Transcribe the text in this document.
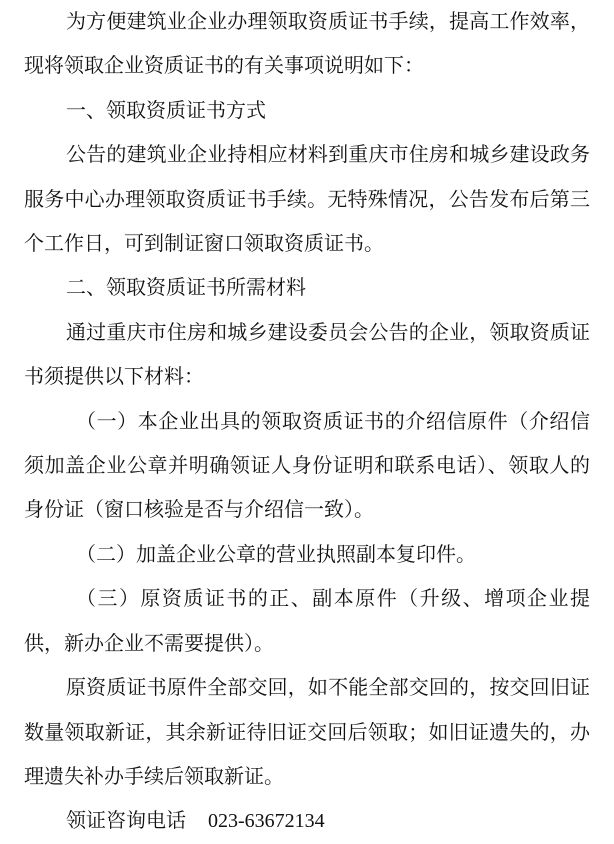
为方便建筑业企业办理领取资质证书手续，提高工作效率，现将领取企业资质证书的有关事项说明如下：

一、领取资质证书方式

公告的建筑业企业持相应材料到重庆市住房和城乡建设政务服务中心办理领取资质证书手续。无特殊情况，公告发布后第三个工作日，可到制证窗口领取资质证书。

二、领取资质证书所需材料

通过重庆市住房和城乡建设委员会公告的企业，领取资质证书须提供以下材料：

（一）本企业出具的领取资质证书的介绍信原件（介绍信须加盖企业公章并明确领证人身份证明和联系电话）、领取人的身份证（窗口核验是否与介绍信一致）。

（二）加盖企业公章的营业执照副本复印件。

（三）原资质证书的正、副本原件（升级、增项企业提供，新办企业不需要提供）。

原资质证书原件全部交回，如不能全部交回的，按交回旧证数量领取新证，其余新证待旧证交回后领取；如旧证遗失的，办理遗失补办手续后领取新证。

领证咨询电话 023-63672134
